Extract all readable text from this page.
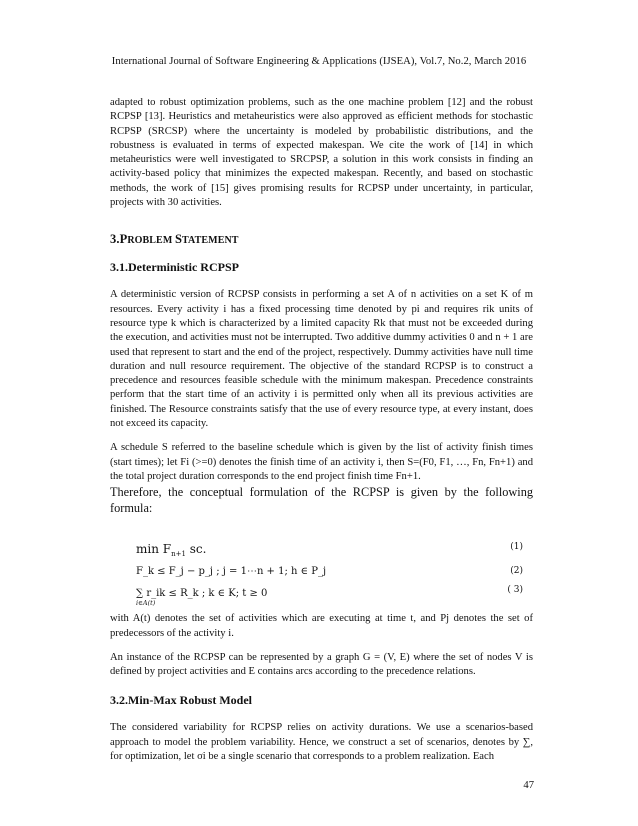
International Journal of Software Engineering & Applications (IJSEA), Vol.7, No.2, March 2016

adapted to robust optimization problems, such as the one machine problem [12] and the robust RCPSP [13]. Heuristics and metaheuristics were also approved as efficient methods for stochastic RCPSP (SRCSP) where the uncertainty is modeled by probabilistic distributions, and the robustness is evaluated in terms of expected makespan. We cite the work of [14] in which metaheuristics were well investigated to SRCPSP, a solution in this work consists in finding an activity-based policy that minimizes the expected makespan. Recently, and based on stochastic methods, the work of [15] gives promising results for RCPSP under uncertainty, in particular, projects with 30 activities.

3.PROBLEM STATEMENT
3.1.Deterministic RCPSP

A deterministic version of RCPSP consists in performing a set A of n activities on a set K of m resources. Every activity i has a fixed processing time denoted by pi and requires rik units of resource type k which is characterized by a limited capacity Rk that must not be exceeded during the execution, and activities must not be interrupted. Two additive dummy activities 0 and n + 1 are used that represent to start and the end of the project, respectively. Dummy activities have null time duration and null resource requirement. The objective of the standard RCPSP is to construct a precedence and resources feasible schedule with the minimum makespan. Precedence constraints perform that the start time of an activity i is permitted only when all its previous activities are finished. The Resource constraints satisfy that the use of every resource type, at every instant, does not exceed its capacity.

A schedule S referred to the baseline schedule which is given by the list of activity finish times (start times); let Fi (>=0) denotes the finish time of an activity i, then S=(F0, F1, …, Fn, Fn+1) and the total project duration corresponds to the end project finish time Fn+1.

Therefore, the conceptual formulation of the RCPSP is given by the following formula:

$\min F_{n+1}$ sc.	(1)
F_k ≤ F_j − p_j ; j = 1⋯n + 1; h ∈ P_j	(2)
∑ r_ik ≤ R_k ; k ∈ K; t ≥ 0
i∈A(t)
( 3)

with A(t) denotes the set of activities which are executing at time t, and Pj denotes the set of predecessors of the activity i.

An instance of the RCPSP can be represented by a graph G = (V, E) where the set of nodes V is defined by project activities and E contains arcs according to the precedence relations.

3.2.Min-Max Robust Model

The considered variability for RCPSP relies on activity durations. We use a scenarios-based approach to model the problem variability. Hence, we construct a set of scenarios, denotes by ∑, for optimization, let σi be a single scenario that corresponds to a problem realization. Each

47
